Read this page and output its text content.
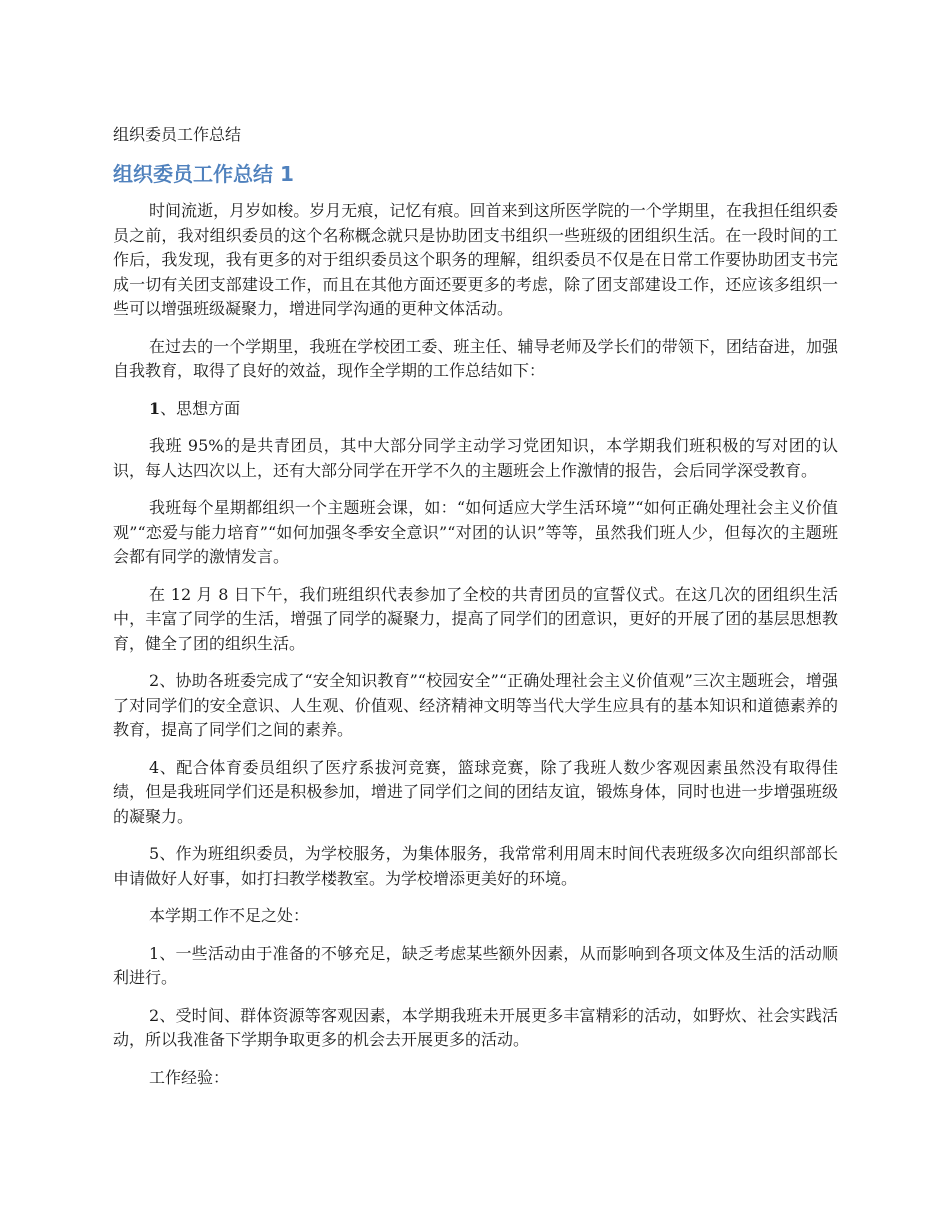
组织委员工作总结
组织委员工作总结 1

时间流逝，月岁如梭。岁月无痕，记忆有痕。回首来到这所医学院的一个学期里，在我担任组织委员之前，我对组织委员的这个名称概念就只是协助团支书组织一些班级的团组织生活。在一段时间的工作后，我发现，我有更多的对于组织委员这个职务的理解，组织委员不仅是在日常工作要协助团支书完成一切有关团支部建设工作，而且在其他方面还要更多的考虑，除了团支部建设工作，还应该多组织一些可以增强班级凝聚力，增进同学沟通的更种文体活动。

在过去的一个学期里，我班在学校团工委、班主任、辅导老师及学长们的带领下，团结奋进，加强自我教育，取得了良好的效益，现作全学期的工作总结如下：

1、思想方面

我班 95%的是共青团员，其中大部分同学主动学习党团知识，本学期我们班积极的写对团的认识，每人达四次以上，还有大部分同学在开学不久的主题班会上作激情的报告，会后同学深受教育。

我班每个星期都组织一个主题班会课，如：“如何适应大学生活环境”“如何正确处理社会主义价值观”“恋爱与能力培育”“如何加强冬季安全意识”“对团的认识”等等，虽然我们班人少，但每次的主题班会都有同学的激情发言。

在 12 月 8 日下午，我们班组织代表参加了全校的共青团员的宣誓仪式。在这几次的团组织生活中，丰富了同学的生活，增强了同学的凝聚力，提高了同学们的团意识，更好的开展了团的基层思想教育，健全了团的组织生活。

2、协助各班委完成了“安全知识教育”“校园安全”“正确处理社会主义价值观”三次主题班会，增强了对同学们的安全意识、人生观、价值观、经济精神文明等当代大学生应具有的基本知识和道德素养的教育，提高了同学们之间的素养。

4、配合体育委员组织了医疗系拔河竞赛，篮球竞赛，除了我班人数少客观因素虽然没有取得佳绩，但是我班同学们还是积极参加，增进了同学们之间的团结友谊，锻炼身体，同时也进一步增强班级的凝聚力。

5、作为班组织委员，为学校服务，为集体服务，我常常利用周末时间代表班级多次向组织部部长申请做好人好事，如打扫教学楼教室。为学校增添更美好的环境。

本学期工作不足之处：

1、一些活动由于准备的不够充足，缺乏考虑某些额外因素，从而影响到各项文体及生活的活动顺利进行。

2、受时间、群体资源等客观因素，本学期我班未开展更多丰富精彩的活动，如野炊、社会实践活动，所以我准备下学期争取更多的机会去开展更多的活动。

工作经验：
